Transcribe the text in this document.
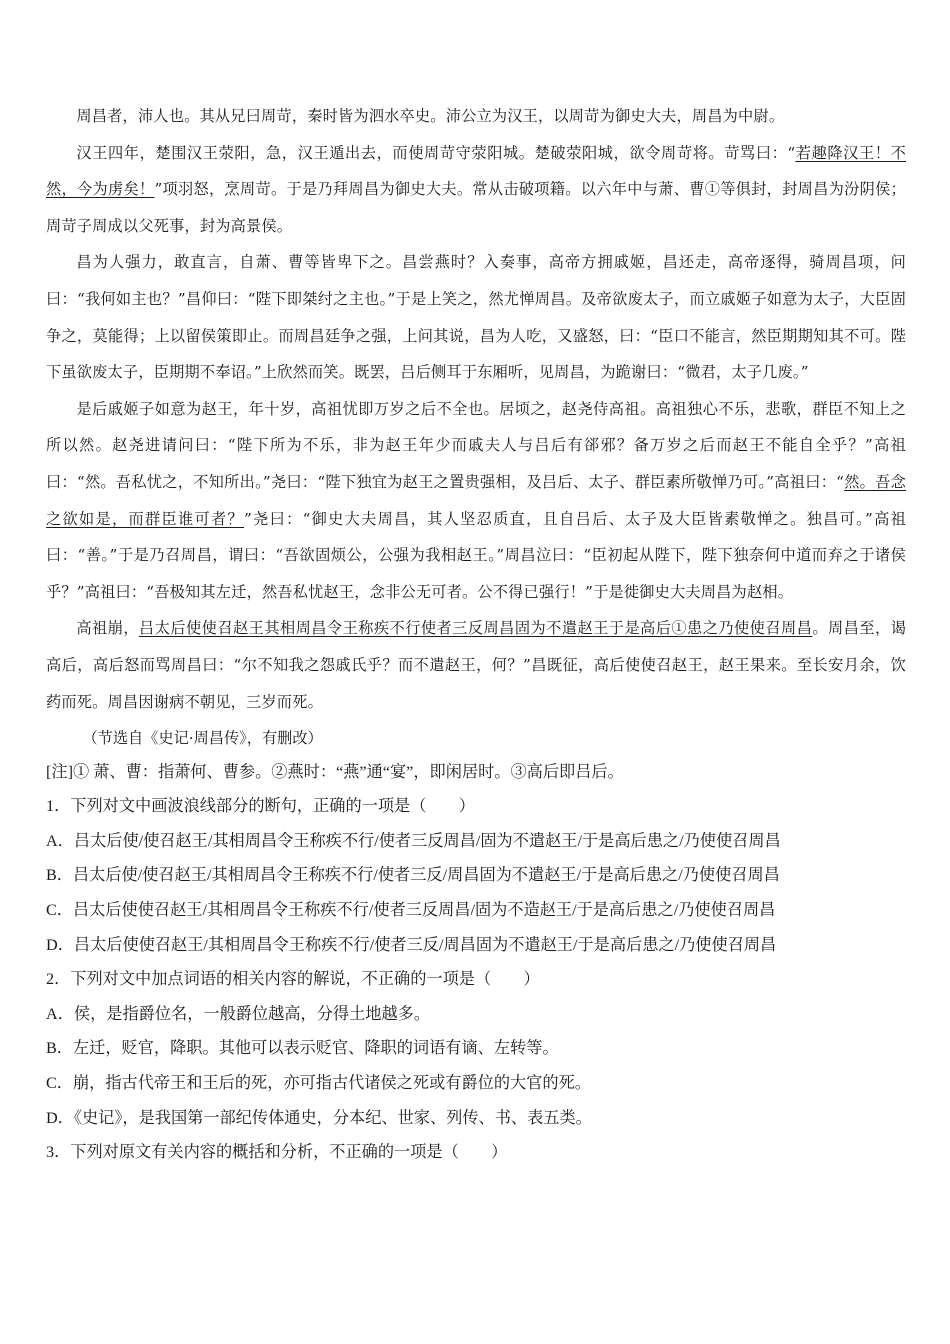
周昌者，沛人也。其从兄曰周苛，秦时皆为泗水卒史。沛公立为汉王，以周苛为御史大夫，周昌为中尉。

汉王四年，楚围汉王荥阳，急，汉王遁出去，而使周苛守荥阳城。楚破荥阳城，欲令周苛将。苛骂曰：“若趣降汉王！不然，今为虏矣！”项羽怒，烹周苛。于是乃拜周昌为御史大夫。常从击破项籍。以六年中与萧、曹①等俱封，封周昌为汾阴侯；周苛子周成以父死事，封为高景侯。

昌为人强力，敢直言，自萧、曹等皆卑下之。昌尝燕时？入奏事，高帝方拥戚姬，昌还走，高帝逐得，骑周昌项，问曰：“我何如主也？”昌仰曰：“陛下即桀纣之主也。”于是上笑之，然尤惮周昌。及帝欲废太子，而立戚姬子如意为太子，大臣固争之，莫能得；上以留侯策即止。而周昌廷争之强，上问其说，昌为人吃，又盛怒，曰：“臣口不能言，然臣期期知其不可。陛下虽欲废太子，臣期期不奉诏。”上欣然而笑。既罢，吕后侧耳于东厢听，见周昌，为跪谢曰：“微君，太子几废。”

是后戚姬子如意为赵王，年十岁，高祖忧即万岁之后不全也。居顷之，赵尧侍高祖。高祖独心不乐，悲歌，群臣不知上之所以然。赵尧进请问曰：“陛下所为不乐，非为赵王年少而戚夫人与吕后有郤邪？备万岁之后而赵王不能自全乎？”高祖曰：“然。吾私忧之，不知所出。”尧曰：“陛下独宜为赵王之置贵强相，及吕后、太子、群臣素所敬惮乃可。”高祖曰：“然。吾念之欲如是，而群臣谁可者？”尧曰：“御史大夫周昌，其人坚忍质直，且自吕后、太子及大臣皆素敬惮之。独昌可。”高祖曰：“善。”于是乃召周昌，谓曰：“吾欲固烦公，公强为我相赵王。”周昌泣曰：“臣初起从陛下，陛下独奈何中道而弃之于诸侯乎？”高祖曰：“吾极知其左迁，然吾私忧赵王，念非公无可者。公不得已强行！”于是徙御史大夫周昌为赵相。

高祖崩，吕太后使使召赵王其相周昌令王称疾不行使者三反周昌固为不遣赵王于是高后①患之乃使使召周昌。周昌至，谒高后，高后怒而骂周昌曰：“尔不知我之怨戚氏乎？而不遣赵王，何？”昌既征，高后使使召赵王，赵王果来。至长安月余，饮药而死。周昌因谢病不朝见，三岁而死。

（节选自《史记·周昌传》，有删改）

[注]① 萧、曹：指萧何、曹参。②燕时：“燕”通“宴”，即闲居时。③高后即吕后。

1．下列对文中画波浪线部分的断句，正确的一项是（　　）

A．吕太后使/使召赵王/其相周昌令王称疾不行/使者三反周昌/固为不遣赵王/于是高后患之/乃使使召周昌

B．吕太后使/使召赵王/其相周昌令王称疾不行/使者三反/周昌固为不遣赵王/于是高后患之/乃使使召周昌

C．吕太后使使召赵王/其相周昌令王称疾不行/使者三反周昌/固为不造赵王/于是高后患之/乃使使召周昌

D．吕太后使使召赵王/其相周昌令王称疾不行/使者三反/周昌固为不遣赵王/于是高后患之/乃使使召周昌

2．下列对文中加点词语的相关内容的解说，不正确的一项是（　　）

A．侯，是指爵位名，一般爵位越高，分得土地越多。

B．左迁，贬官，降职。其他可以表示贬官、降职的词语有谪、左转等。

C．崩，指古代帝王和王后的死，亦可指古代诸侯之死或有爵位的大官的死。

D．《史记》，是我国第一部纪传体通史，分本纪、世家、列传、书、表五类。

3．下列对原文有关内容的概括和分析，不正确的一项是（　　）
